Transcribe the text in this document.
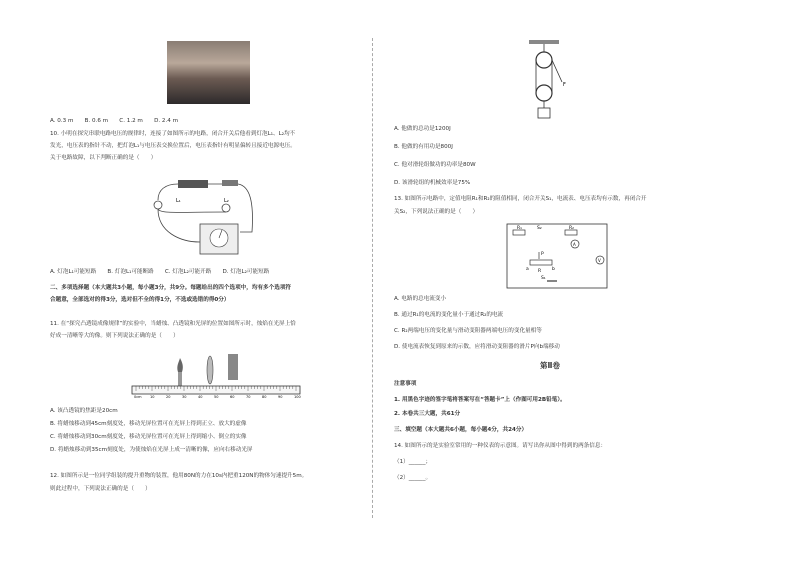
A. 0.3 m　　B. 0.6 m　　C. 1.2 m　　D. 2.4 m
10. 小明在探究串联电路电压的规律时，连接了如图所示的电路，闭合开关后他看到灯泡L₁、L₂均不
发光，电压表的指针不动，把灯泡L₁与电压表交换位置后，电压表指针有明显偏转且接近电源电压。
关于电路故障，以下判断正确的是（　　）
L₁	L₂
A. 灯泡L₁可能短路　　B. 灯泡L₁可能断路　　C. 灯泡L₂可能开路　　D. 灯泡L₂可能短路
二、多项选择题（本大题共3小题，每小题3分，共9分。每题给出的四个选项中，均有多个选项符
合题意，全部选对的得3分，选对但不全的得1分，不选或选错的得0分）
11. 在“探究凸透镜成像规律”的实验中，当蜡烛、凸透镜和光屏的位置如图所示时，烛焰在光屏上恰
好成一清晰等大的像。则下列说法正确的是（　　）
0cm 10	20	30	40	50	60	70	80	90	100
A. 该凸透镜的焦距是20cm
B. 将蜡烛移动到45cm刻度处，移动光屏位置可在光屏上得到正立、放大的虚像
C. 将蜡烛移动到30cm刻度处，移动光屏位置可在光屏上得到缩小、倒立的实像
D. 将蜡烛移动到35cm刻度处，为使烛焰在光屏上成一清晰的像，应向右移动光屏
12. 如图所示是一位同学组装的提升重物的装置，他用80N的力在10s内把重120N的物体匀速提升5m。
则此过程中，下列说法正确的是（　　）
F
A. 他做的总功是1200J
B. 他做的有用功是800J
C. 他对滑轮组做功的功率是80W
D. 该滑轮组的机械效率是75%
13. 如图所示电路中，定值电阻R₁和R₂的阻值相同，闭合开关S₁，电流表、电压表均有示数，再闭合开
关S₂，下列说法正确的是（　　）
R₁	R₂
S₂
P
A
V
a R b
S₁
A. 电路的总电流变小
B. 通过R₁的电流的变化量小于通过R₂的电流
C. R₂两端电压的变化量与滑动变阻器两端电压的变化量相等
D. 使电流表恢复到原来的示数，应将滑动变阻器的滑片P向b端移动
第Ⅱ卷
注意事项
1. 用黑色字迹的签字笔将答案写在“答题卡”上（作图可用2B铅笔）。
2. 本卷共三大题，共61分
三、填空题（本大题共6小题，每小题4分，共24分）
14. 如图所示的是实验室常用的一种仪表的示意图。请写出你从图中得到的两条信息：
（1）______；
（2）______。
